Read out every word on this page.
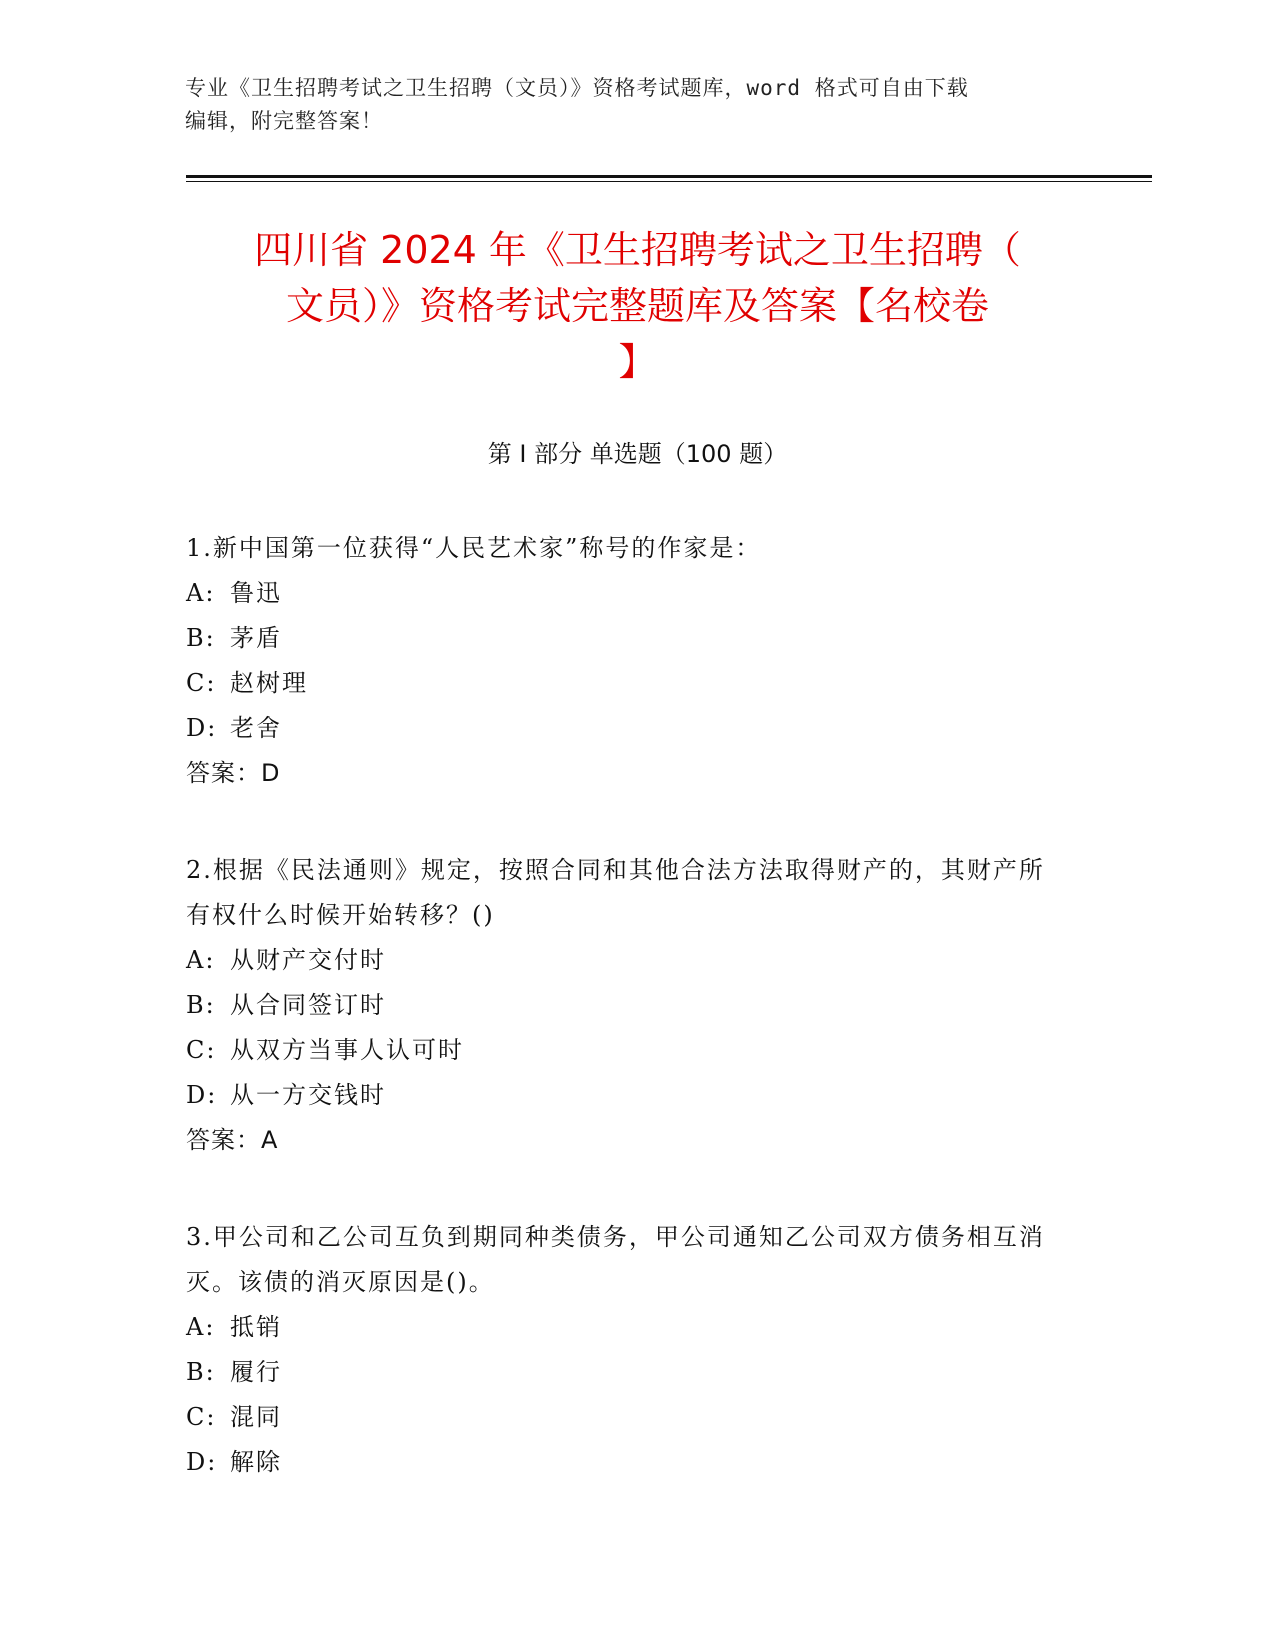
专业《卫生招聘考试之卫生招聘（文员）》资格考试题库，word 格式可自由下载
编辑，附完整答案！
四川省 2024 年《卫生招聘考试之卫生招聘（
文员）》资格考试完整题库及答案【名校卷
】
第 I 部分 单选题（100 题）

1.新中国第一位获得“人民艺术家”称号的作家是：

A: 鲁迅
B: 茅盾
C: 赵树理
D: 老舍
答案：D

2.根据《民法通则》规定，按照合同和其他合法方法取得财产的，其财产所有权什么时候开始转移？()

A: 从财产交付时
B: 从合同签订时
C: 从双方当事人认可时
D: 从一方交钱时
答案：A

3.甲公司和乙公司互负到期同种类债务，甲公司通知乙公司双方债务相互消灭。该债的消灭原因是()。

A: 抵销
B: 履行
C: 混同
D: 解除
